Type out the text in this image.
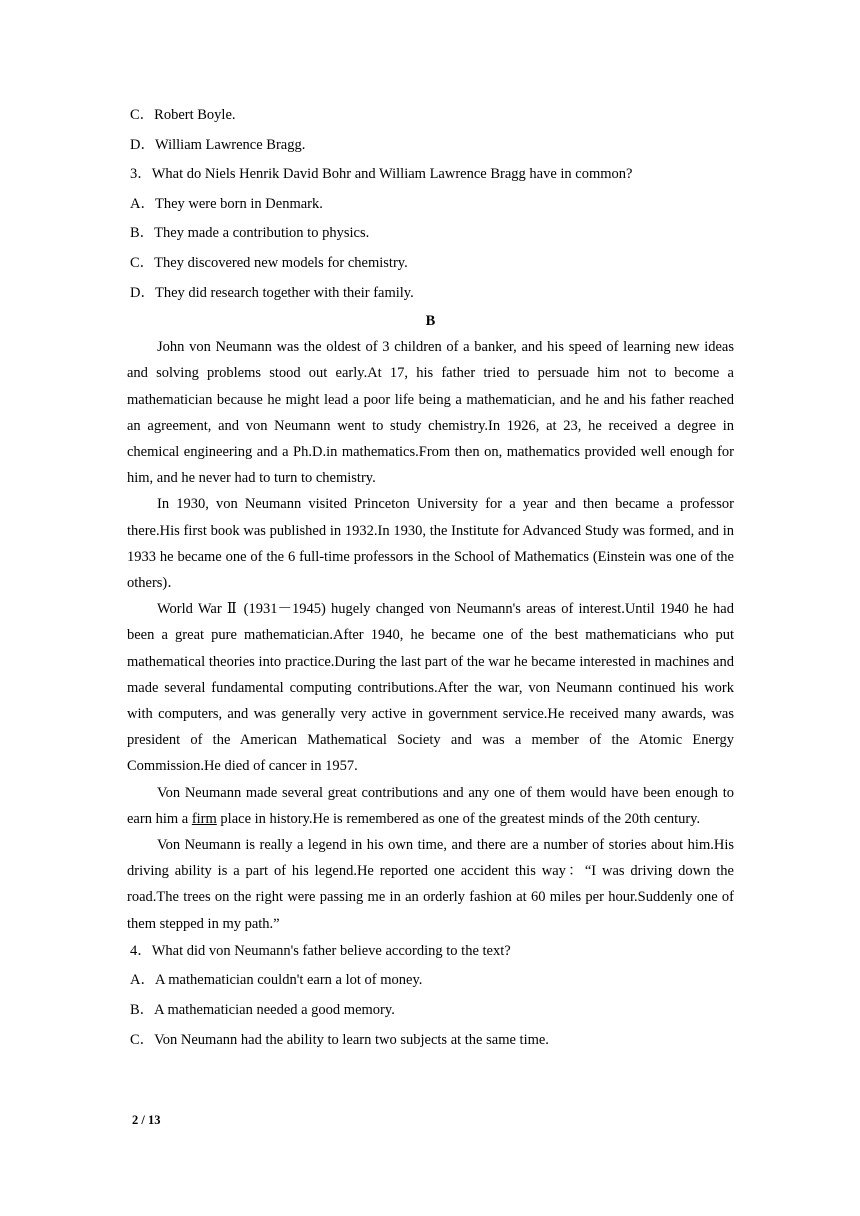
C．Robert Boyle.
D．William Lawrence Bragg.
3．What do Niels Henrik David Bohr and William Lawrence Bragg have in common?
A．They were born in Denmark.
B．They made a contribution to physics.
C．They discovered new models for chemistry.
D．They did research together with their family.
B

John von Neumann was the oldest of 3 children of a banker, and his speed of learning new ideas and solving problems stood out early.At 17, his father tried to persuade him not to become a mathematician because he might lead a poor life being a mathematician, and he and his father reached an agreement, and von Neumann went to study chemistry.In 1926, at 23, he received a degree in chemical engineering and a Ph.D.in mathematics.From then on, mathematics provided well enough for him, and he never had to turn to chemistry.

In 1930, von Neumann visited Princeton University for a year and then became a professor there.His first book was published in 1932.In 1930, the Institute for Advanced Study was formed, and in 1933 he became one of the 6 full-time professors in the School of Mathematics (Einstein was one of the others)．

World War Ⅱ (1931－1945) hugely changed von Neumann's areas of interest.Until 1940 he had been a great pure mathematician.After 1940, he became one of the best mathematicians who put mathematical theories into practice.During the last part of the war he became interested in machines and made several fundamental computing contributions.After the war, von Neumann continued his work with computers, and was generally very active in government service.He received many awards, was president of the American Mathematical Society and was a member of the Atomic Energy Commission.He died of cancer in 1957.

Von Neumann made several great contributions and any one of them would have been enough to earn him a firm place in history.He is remembered as one of the greatest minds of the 20th century.

Von Neumann is really a legend in his own time, and there are a number of stories about him.His driving ability is a part of his legend.He reported one accident this way：“I was driving down the road.The trees on the right were passing me in an orderly fashion at 60 miles per hour.Suddenly one of them stepped in my path.”

4．What did von Neumann's father believe according to the text?
A．A mathematician couldn't earn a lot of money.
B．A mathematician needed a good memory.
C．Von Neumann had the ability to learn two subjects at the same time.
2 / 13
